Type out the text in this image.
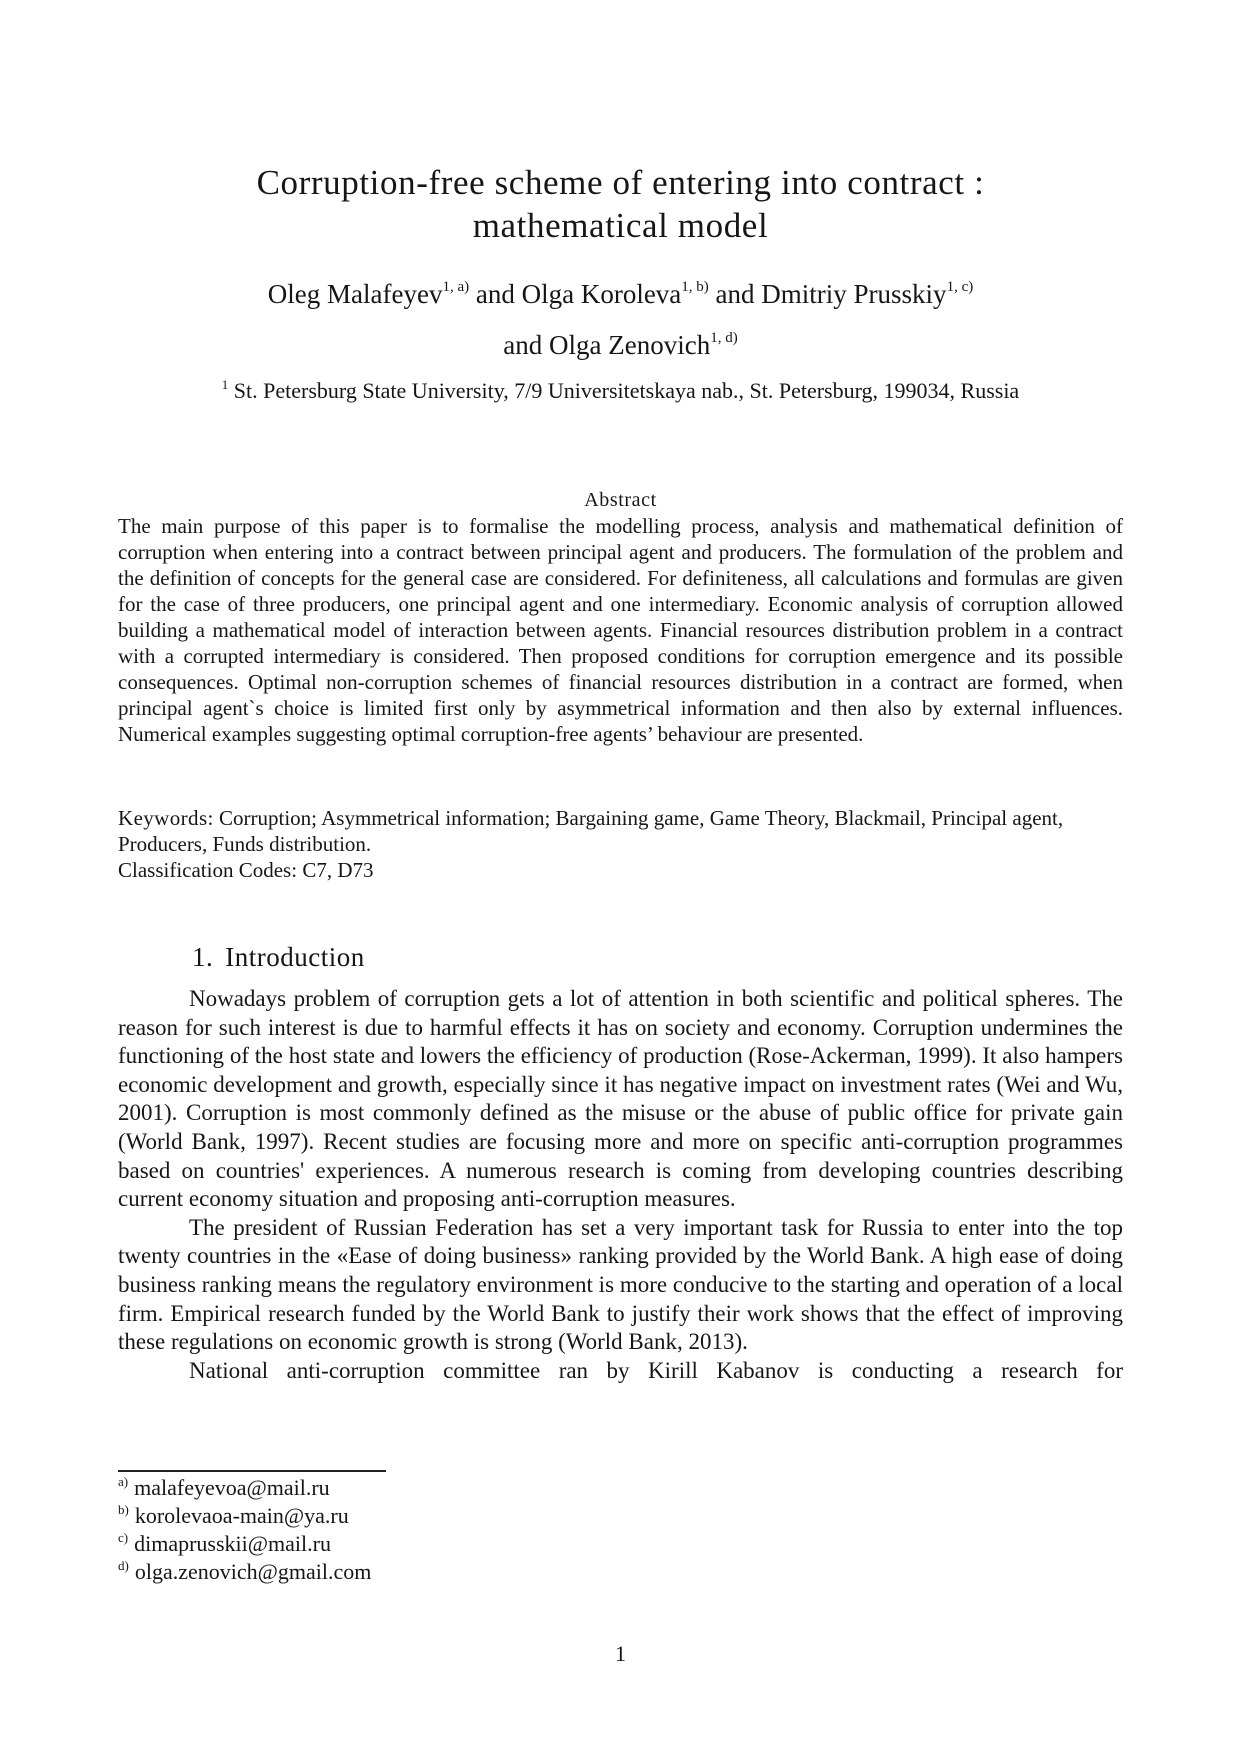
Corruption-free scheme of entering into contract :
mathematical model
Oleg Malafeyev$^{1, a)}$ and Olga Koroleva$^{1, b)}$ and Dmitriy Prusskiy$^{1, c)}$
and Olga Zenovich$^{1, d)}$
$^1$ St. Petersburg State University, 7/9 Universitetskaya nab., St. Petersburg, 199034, Russia
Abstract

The main purpose of this paper is to formalise the modelling process, analysis and mathematical definition of corruption when entering into a contract between principal agent and producers. The formulation of the problem and the definition of concepts for the general case are considered. For definiteness, all calculations and formulas are given for the case of three producers, one principal agent and one intermediary. Economic analysis of corruption allowed building a mathematical model of interaction between agents. Financial resources distribution problem in a contract with a corrupted intermediary is considered. Then proposed conditions for corruption emergence and its possible consequences. Optimal non-corruption schemes of financial resources distribution in a contract are formed, when principal agent`s choice is limited first only by asymmetrical information and then also by external influences. Numerical examples suggesting optimal corruption-free agents’ behaviour are presented.

Keywords: Corruption; Asymmetrical information; Bargaining game, Game Theory, Blackmail, Principal agent, Producers, Funds distribution.
Classification Codes: C7, D73
1. Introduction

Nowadays problem of corruption gets a lot of attention in both scientific and political spheres. The reason for such interest is due to harmful effects it has on society and economy. Corruption undermines the functioning of the host state and lowers the efficiency of production (Rose-Ackerman, 1999). It also hampers economic development and growth, especially since it has negative impact on investment rates (Wei and Wu, 2001). Corruption is most commonly defined as the misuse or the abuse of public office for private gain (World Bank, 1997). Recent studies are focusing more and more on specific anti-corruption programmes based on countries' experiences. A numerous research is coming from developing countries describing current economy situation and proposing anti-corruption measures.

The president of Russian Federation has set a very important task for Russia to enter into the top twenty countries in the «Ease of doing business» ranking provided by the World Bank. A high ease of doing business ranking means the regulatory environment is more conducive to the starting and operation of a local firm. Empirical research funded by the World Bank to justify their work shows that the effect of improving these regulations on economic growth is strong (World Bank, 2013).

National anti-corruption committee ran by Kirill Kabanov is conducting a research for

$^{a)}$ malafeyevoa@mail.ru
$^{b)}$ korolevaoa-main@ya.ru
$^{c)}$ dimaprusskii@mail.ru
$^{d)}$ olga.zenovich@gmail.com
1
